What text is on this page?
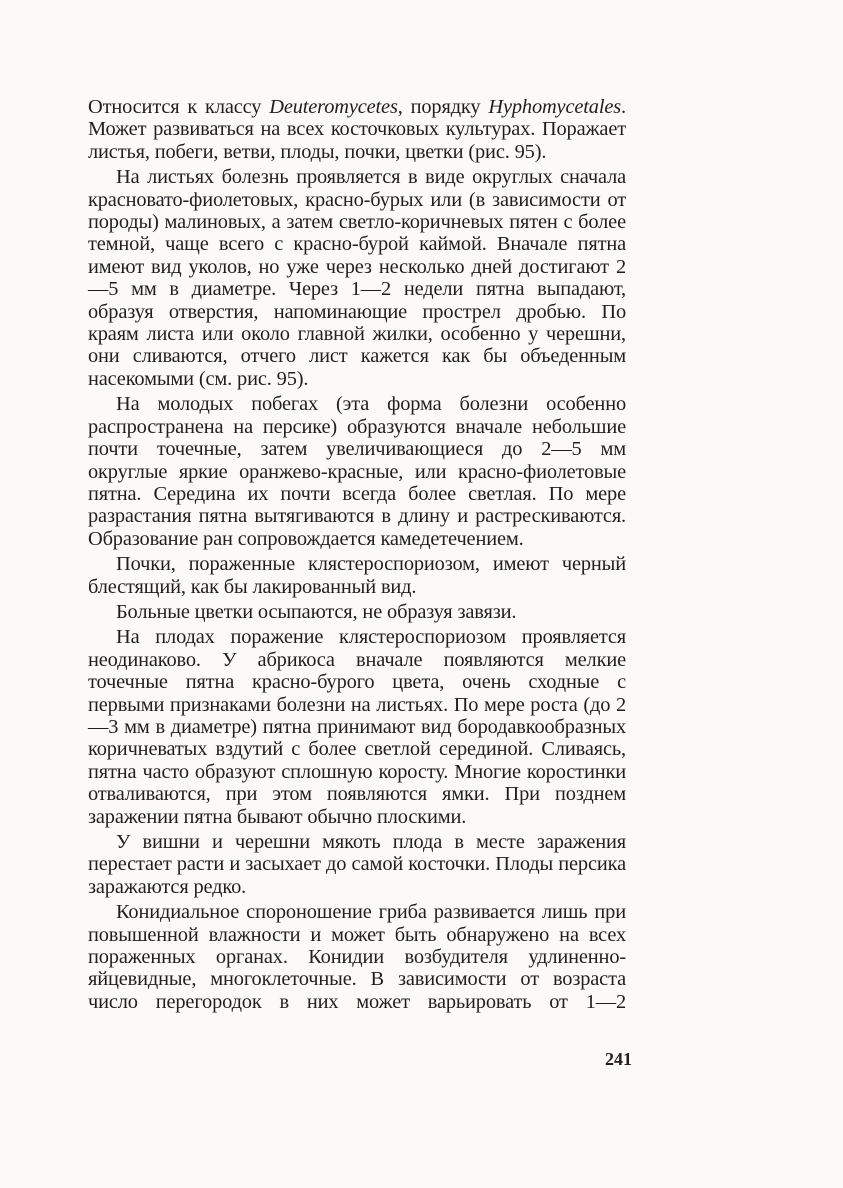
Относится к классу Deuteromycetes, порядку Hyphomycetales. Может развиваться на всех косточковых культурах. Поражает листья, побеги, ветви, плоды, почки, цветки (рис. 95).

На листьях болезнь проявляется в виде округлых сначала красновато-фиолетовых, красно-бурых или (в зависимости от породы) малиновых, а затем светло-коричневых пятен с более темной, чаще всего с красно-бурой каймой. Вначале пятна имеют вид уколов, но уже через несколько дней достигают 2—5 мм в диаметре. Через 1—2 недели пятна выпадают, образуя отверстия, напоминающие прострел дробью. По краям листа или около главной жилки, особенно у черешни, они сливаются, отчего лист кажется как бы объеденным насекомыми (см. рис. 95).

На молодых побегах (эта форма болезни особенно распространена на персике) образуются вначале небольшие почти точечные, затем увеличивающиеся до 2—5 мм округлые яркие оранжево-красные, или красно-фиолетовые пятна. Середина их почти всегда более светлая. По мере разрастания пятна вытягиваются в длину и растрескиваются. Образование ран сопровождается камедетечением.

Почки, пораженные клястероспориозом, имеют черный блестящий, как бы лакированный вид.

Больные цветки осыпаются, не образуя завязи.

На плодах поражение клястероспориозом проявляется неодинаково. У абрикоса вначале появляются мелкие точечные пятна красно-бурого цвета, очень сходные с первыми признаками болезни на листьях. По мере роста (до 2—3 мм в диаметре) пятна принимают вид бородавкообразных коричневатых вздутий с более светлой серединой. Сливаясь, пятна часто образуют сплошную коросту. Многие коростинки отваливаются, при этом появляются ямки. При позднем заражении пятна бывают обычно плоскими.

У вишни и черешни мякоть плода в месте заражения перестает расти и засыхает до самой косточки. Плоды персика заражаются редко.

Конидиальное спороношение гриба развивается лишь при повышенной влажности и может быть обнаружено на всех пораженных органах. Конидии возбудителя удлиненно-яйцевидные, многоклеточные. В зависимости от возраста число перегородок в них может варьировать от 1—2

241
